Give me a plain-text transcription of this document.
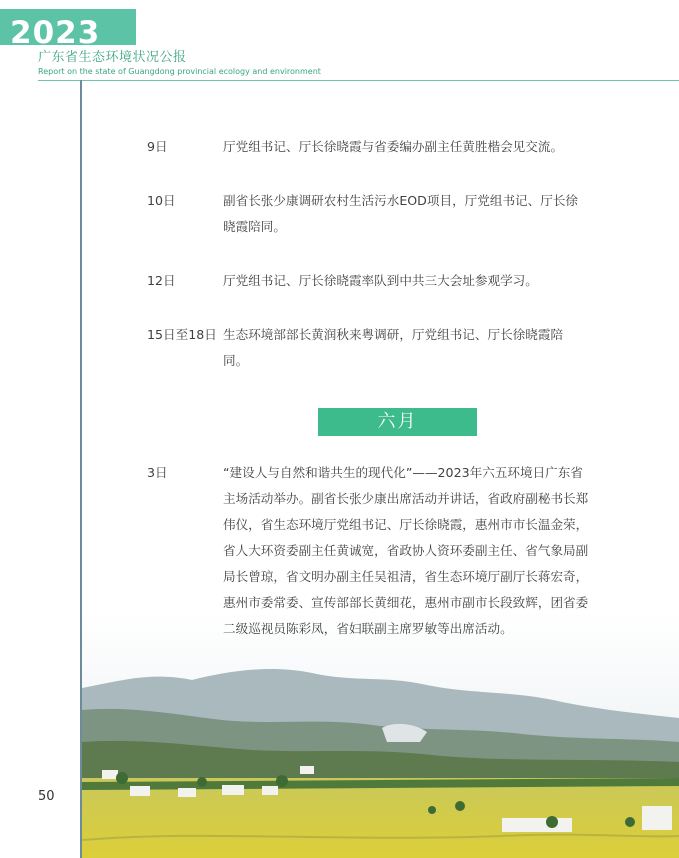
2023
广东省生态环境状况公报
Report on the state of Guangdong provincial ecology and environment
9日	厅党组书记、厅长徐晓霞与省委编办副主任黄胜楷会见交流。
10日	副省长张少康调研农村生活污水EOD项目，厅党组书记、厅长徐晓霞陪同。
12日	厅党组书记、厅长徐晓霞率队到中共三大会址参观学习。
15日至18日 生态环境部部长黄润秋来粤调研，厅党组书记、厅长徐晓霞陪同。
六月
3日	“建设人与自然和谐共生的现代化”——2023年六五环境日广东省主场活动举办。副省长张少康出席活动并讲话，省政府副秘书长郑伟仪，省生态环境厅党组书记、厅长徐晓霞，惠州市市长温金荣，省人大环资委副主任黄诚宽，省政协人资环委副主任、省气象局副局长曾琼，省文明办副主任吴祖清，省生态环境厅副厅长蒋宏奇，惠州市委常委、宣传部部长黄细花，惠州市副市长段致辉，团省委二级巡视员陈彩凤，省妇联副主席罗敏等出席活动。
50
